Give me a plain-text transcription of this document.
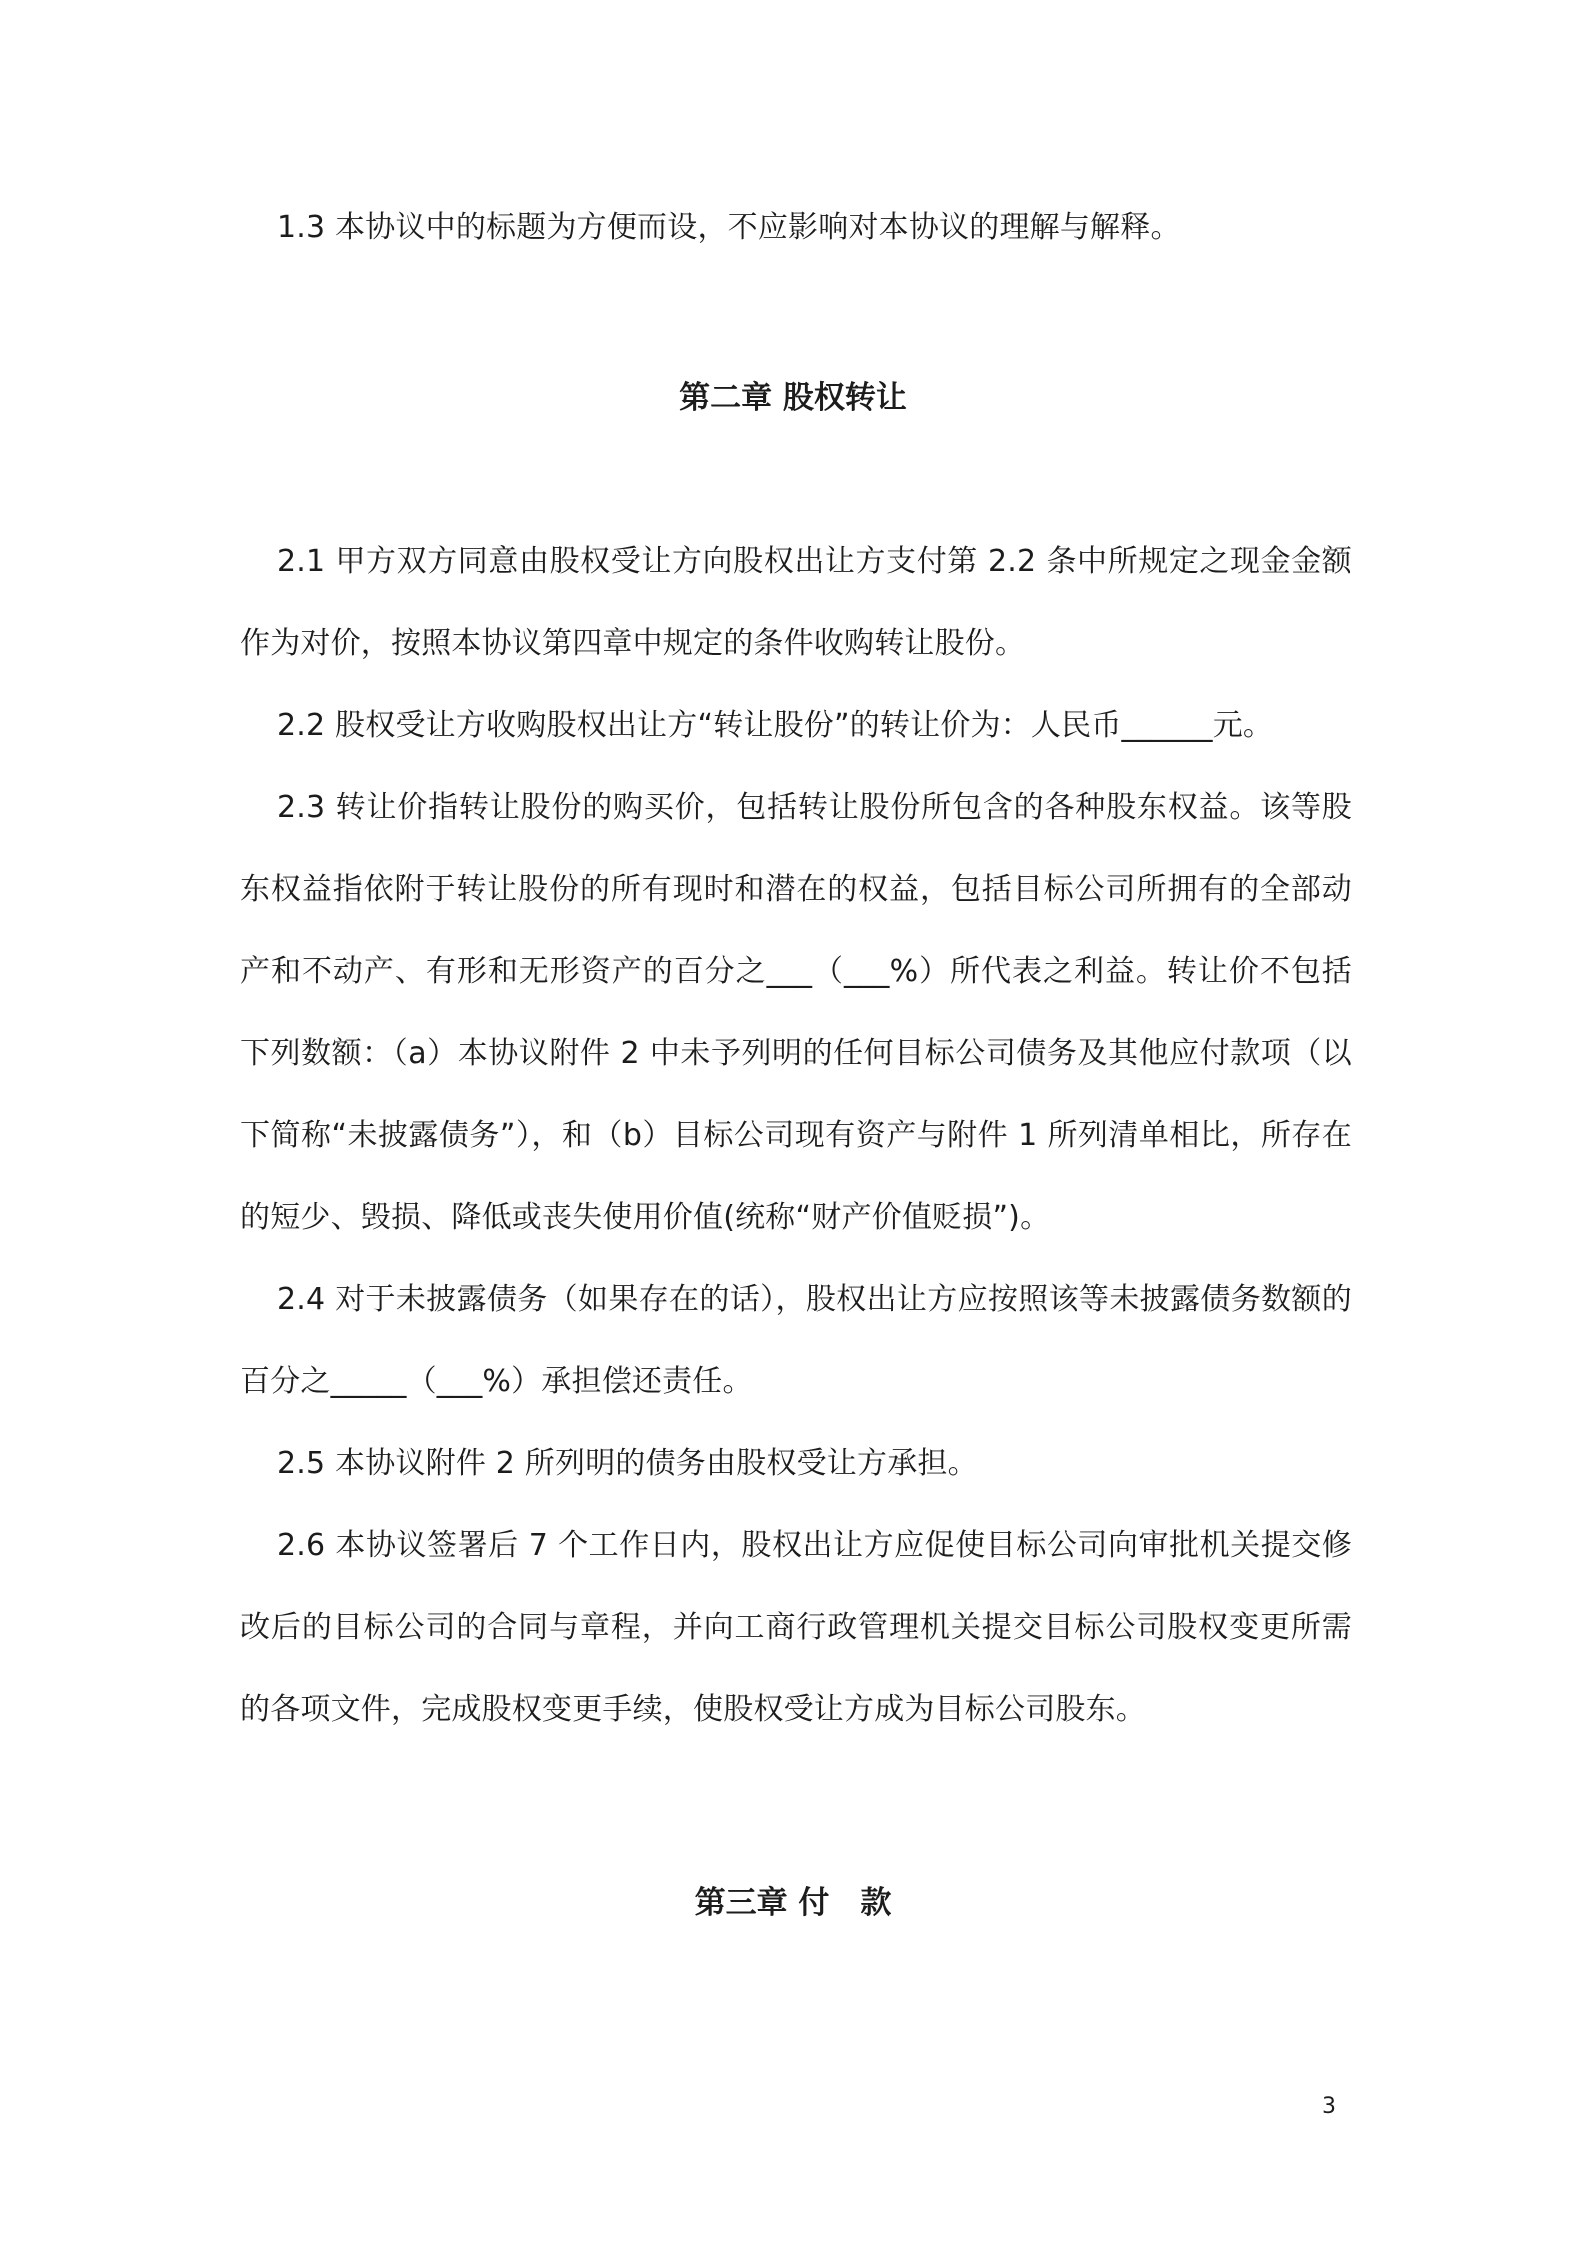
1.3 本协议中的标题为方便而设，不应影响对本协议的理解与解释。

第二章 股权转让

2.1 甲方双方同意由股权受让方向股权出让方支付第 2.2 条中所规定之现金金额作为对价，按照本协议第四章中规定的条件收购转让股份。

2.2 股权受让方收购股权出让方“转让股份”的转让价为：人民币______元。

2.3 转让价指转让股份的购买价，包括转让股份所包含的各种股东权益。该等股东权益指依附于转让股份的所有现时和潜在的权益，包括目标公司所拥有的全部动产和不动产、有形和无形资产的百分之___（___%）所代表之利益。转让价不包括下列数额：（a）本协议附件 2 中未予列明的任何目标公司债务及其他应付款项（以下简称“未披露债务”），和（b）目标公司现有资产与附件 1 所列清单相比，所存在的短少、毁损、降低或丧失使用价值(统称“财产价值贬损”)。

2.4 对于未披露债务（如果存在的话），股权出让方应按照该等未披露债务数额的百分之_____（___%）承担偿还责任。

2.5 本协议附件 2 所列明的债务由股权受让方承担。

2.6 本协议签署后 7 个工作日内，股权出让方应促使目标公司向审批机关提交修改后的目标公司的合同与章程，并向工商行政管理机关提交目标公司股权变更所需的各项文件，完成股权变更手续，使股权受让方成为目标公司股东。

第三章 付　款
3
